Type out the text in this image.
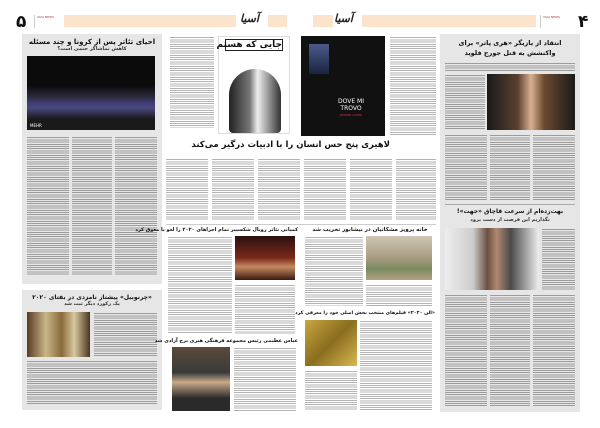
۵	ASIA NEWS	آسیا	آسیا	ASIA NEWS	۴
احیای تئاتر پس از کرونا و چند مسئله
کاهش تماشاگر حتمی است؟
MEHR
«چرنوبیل» پیشتاز نامزدی در بفتای ۲۰۲۰
یک رکورد دیگر ثبت شد
جایی که هستم
DOVE MI TROVO
JHUMPA LAHIRI
لاهیری پنج حس انسان را با ادبیات درگیر می‌کند
کمپانی تئاتر رویال شکسپیر تمام اجراهای ۲۰۲۰ را لغو یا معوق کرد	خانه پرویز مشکاتیان در نیشابور تخریب شد
«الن ۲۰۲۰» فیلم‌های منتخب بخش اصلی خود را معرفی کرد
عباس عظیمی رئیس مجموعه فرهنگی هنری برج آزادی شد
انتقاد از بازیگر «هری پاتر» برای واکنشش به قتل جورج فلوید
بهت‌زده‌ام از سرعت قاچاق «جهت»!
نگذاریم این فرصت از دست برود
